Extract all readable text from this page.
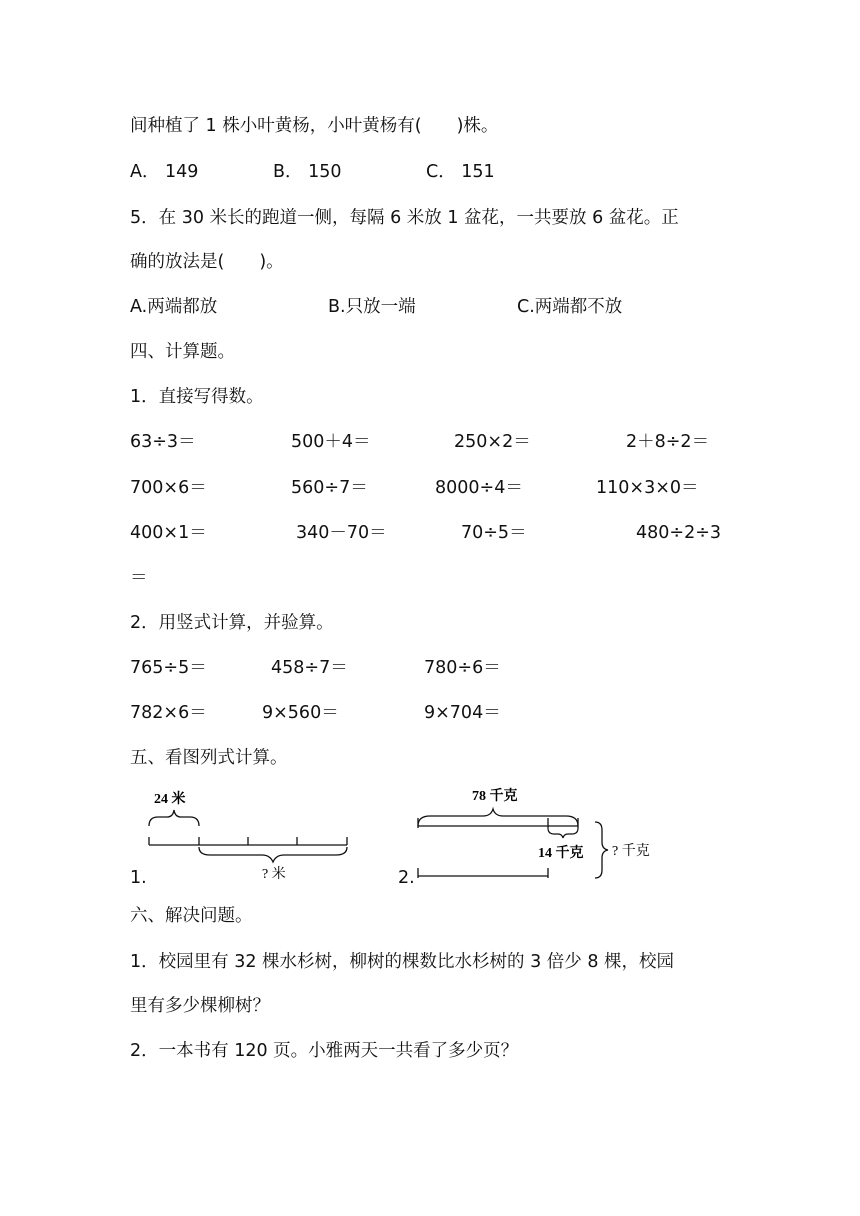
间种植了 1 株小叶黄杨，小叶黄杨有(　　)株。
A． 149	B． 150	C． 151
5．在 30 米长的跑道一侧，每隔 6 米放 1 盆花，一共要放 6 盆花。正
确的放法是(　　)。
A.两端都放	B.只放一端	C.两端都不放
四、计算题。
1．直接写得数。
63÷3＝	500＋4＝	250×2＝	2＋8÷2＝
700×6＝	560÷7＝	8000÷4＝	110×3×0＝
400×1＝	340－70＝	70÷5＝	480÷2÷3
＝
2．用竖式计算，并验算。
765÷5＝	458÷7＝	780÷6＝
782×6＝	9×560＝	9×704＝
五、看图列式计算。
1.
24 米
? 米	2.
78 千克
14 千克 ? 千克
六、解决问题。
1．校园里有 32 棵水杉树，柳树的棵数比水杉树的 3 倍少 8 棵，校园
里有多少棵柳树？
2．一本书有 120 页。小雅两天一共看了多少页？
